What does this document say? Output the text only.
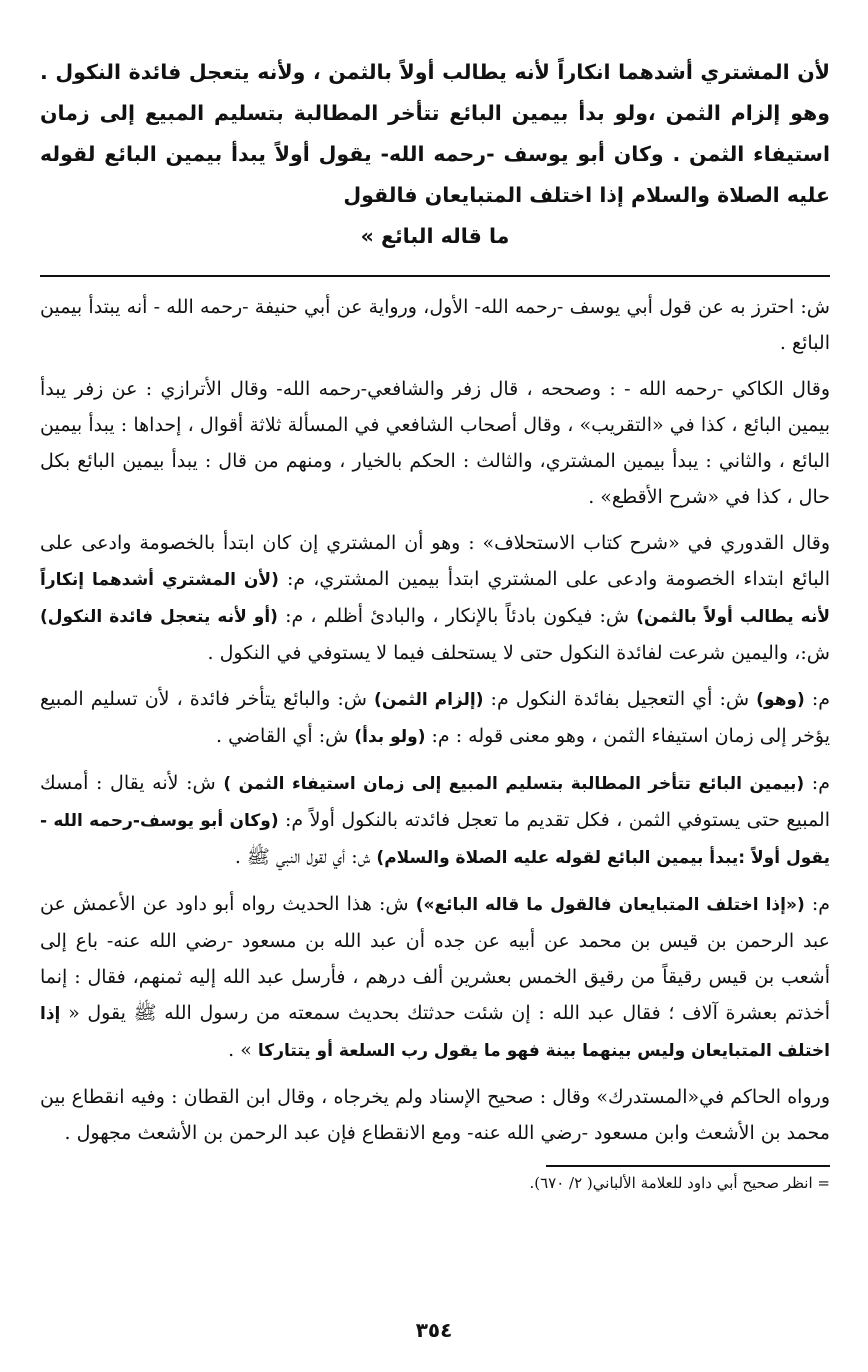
لأن المشتري أشدهما انكاراً لأنه يطالب أولاً بالثمن ، ولأنه يتعجل فائدة النكول . وهو إلزام الثمن ،ولو بدأ بيمين البائع تتأخر المطالبة بتسليم المبيع إلى زمان استيفاء الثمن . وكان أبو يوسف -رحمه الله- يقول أولاً يبدأ بيمين البائع لقوله عليه الصلاة والسلام إذا اختلف المتبايعان فالقول
ما قاله البائع »

ش: احترز به عن قول أبي يوسف -رحمه الله- الأول، ورواية عن أبي حنيفة -رحمه الله - أنه يبتدأ بيمين البائع .

وقال الكاكي -رحمه الله - : وصححه ، قال زفر والشافعي-رحمه الله- وقال الأترازي : عن زفر يبدأ بيمين البائع ، كذا في «التقريب» ، وقال أصحاب الشافعي في المسألة ثلاثة أقوال ، إحداها : يبدأ بيمين البائع ، والثاني : يبدأ بيمين المشتري، والثالث : الحكم بالخيار ، ومنهم من قال : يبدأ بيمين البائع بكل حال ، كذا في «شرح الأقطع» .

وقال القدوري في «شرح كتاب الاستحلاف» : وهو أن المشتري إن كان ابتدأ بالخصومة وادعى على البائع ابتداء الخصومة وادعى على المشتري ابتدأ بيمين المشتري، م: (لأن المشتري أشدهما إنكاراً لأنه يطالب أولاً بالثمن) ش: فيكون بادئاً بالإنكار ، والبادئ أظلم ، م: (أو لأنه يتعجل فائدة النكول) ش:، واليمين شرعت لفائدة النكول حتى لا يستحلف فيما لا يستوفي في النكول .

م: (وهو) ش: أي التعجيل بفائدة النكول م: (إلزام الثمن) ش: والبائع يتأخر فائدة ، لأن تسليم المبيع يؤخر إلى زمان استيفاء الثمن ، وهو معنى قوله : م: (ولو بدأ) ش: أي القاضي .

م: (بيمين البائع تتأخر المطالبة بتسليم المبيع إلى زمان استيفاء الثمن ) ش: لأنه يقال : أمسك المبيع حتى يستوفي الثمن ، فكل تقديم ما تعجل فائدته بالنكول أولاً م: (وكان أبو يوسف-رحمه الله - يقول أولاً :يبدأ بيمين البائع لقوله عليه الصلاة والسلام) ش: أي لقول النبي ﷺ .

م: («إذا اختلف المتبايعان فالقول ما قاله البائع») ش: هذا الحديث رواه أبو داود عن الأعمش عن عبد الرحمن بن قيس بن محمد عن أبيه عن جده أن عبد الله بن مسعود -رضي الله عنه- باع إلى أشعب بن قيس رقيقاً من رقيق الخمس بعشرين ألف درهم ، فأرسل عبد الله إليه ثمنهم، فقال : إنما أخذتم بعشرة آلاف ؛ فقال عبد الله : إن شئت حدثتك بحديث سمعته من رسول الله ﷺ يقول « إذا اختلف المتبايعان وليس بينهما بينة فهو ما يقول رب السلعة أو يتتاركا » .

ورواه الحاكم في«المستدرك» وقال : صحيح الإسناد ولم يخرجاه ، وقال ابن القطان : وفيه انقطاع بين محمد بن الأشعث وابن مسعود -رضي الله عنه- ومع الانقطاع فإن عبد الرحمن بن الأشعث مجهول .

= انظر صحيح أبي داود للعلامة الألباني( ٢/ ٦٧٠).

٣٥٤
